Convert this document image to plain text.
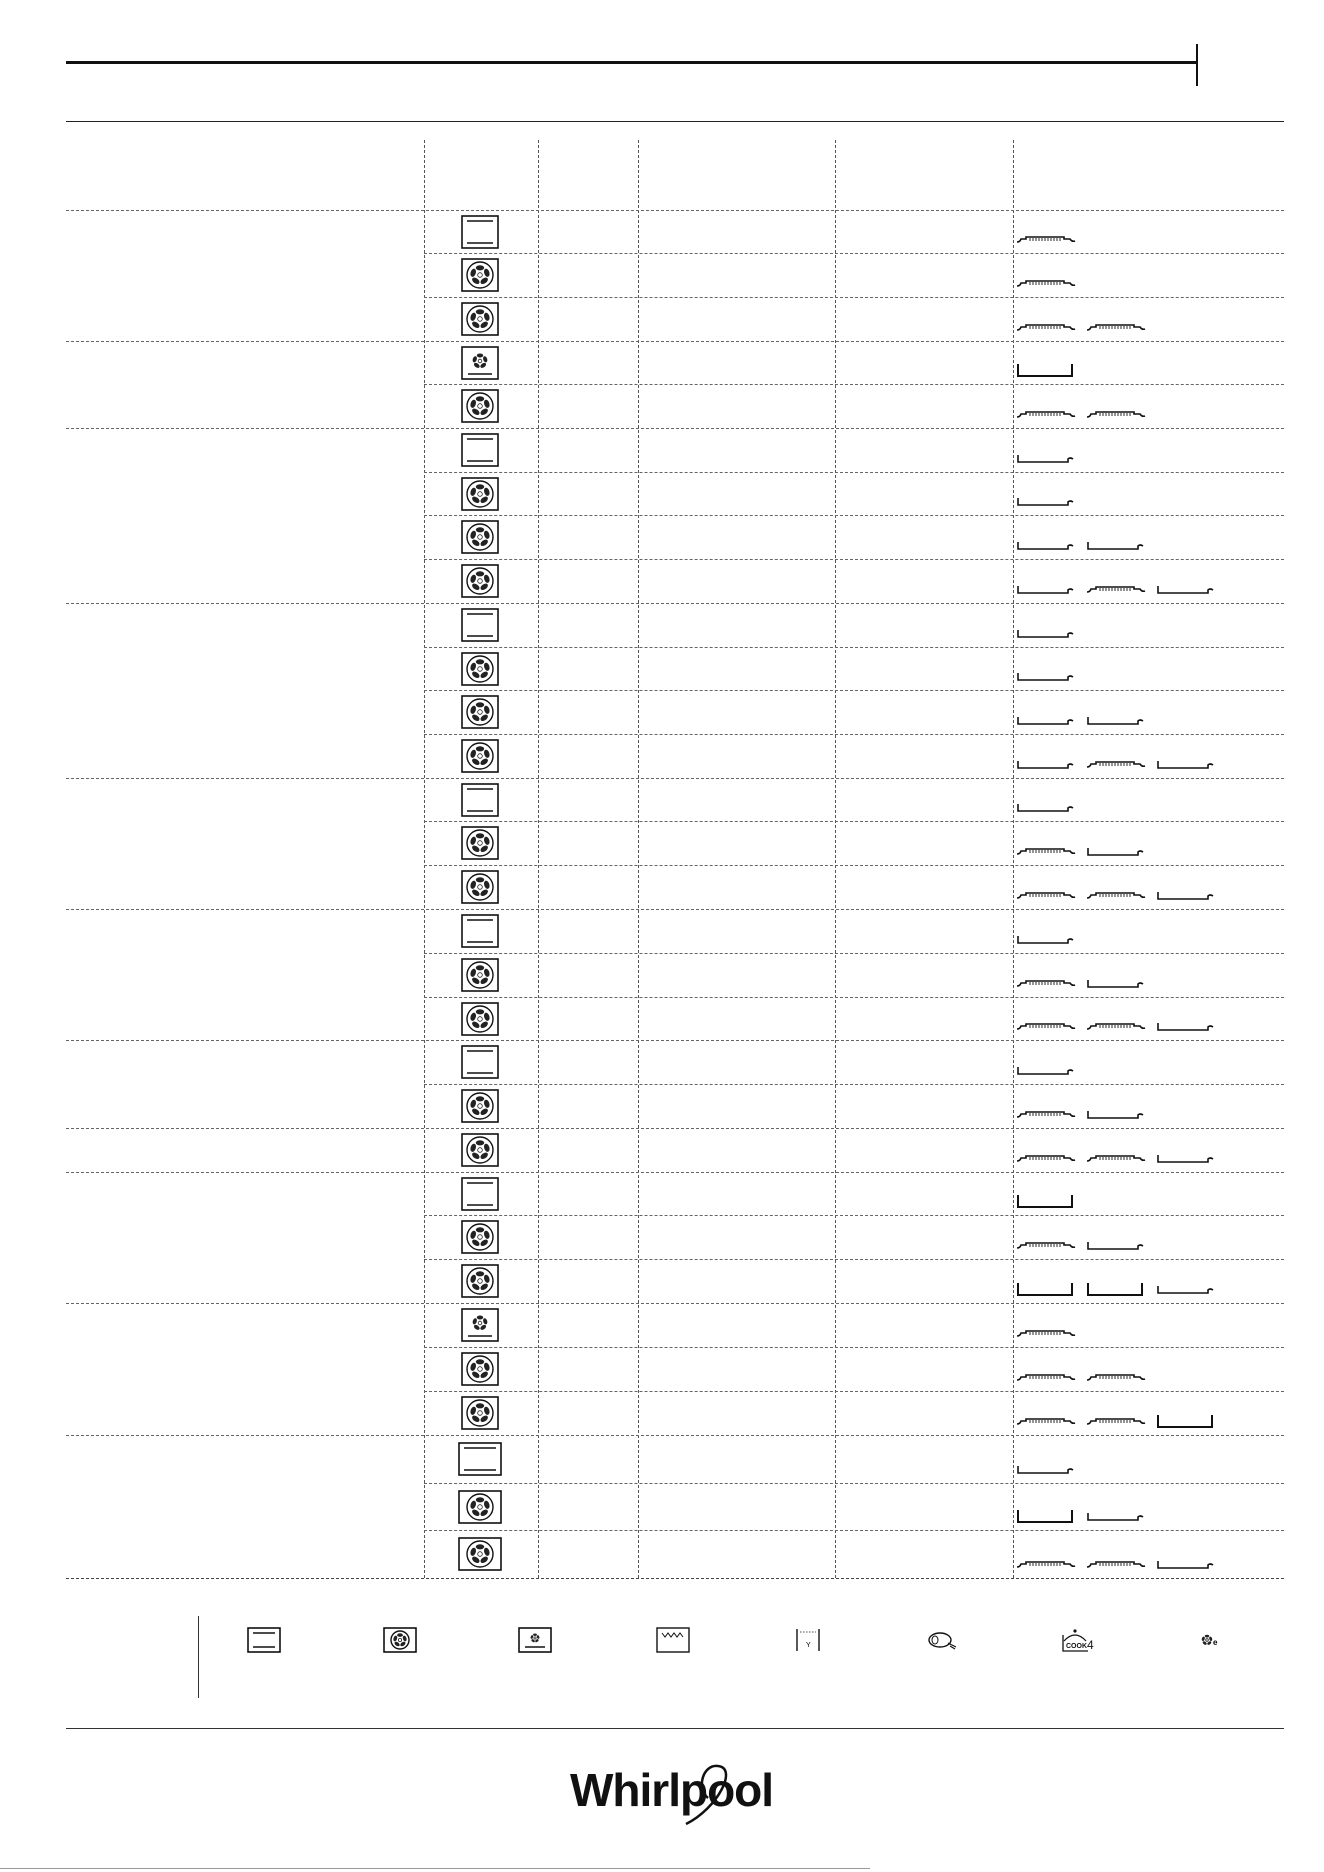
Y	COOK 4	e
Whirlpool
